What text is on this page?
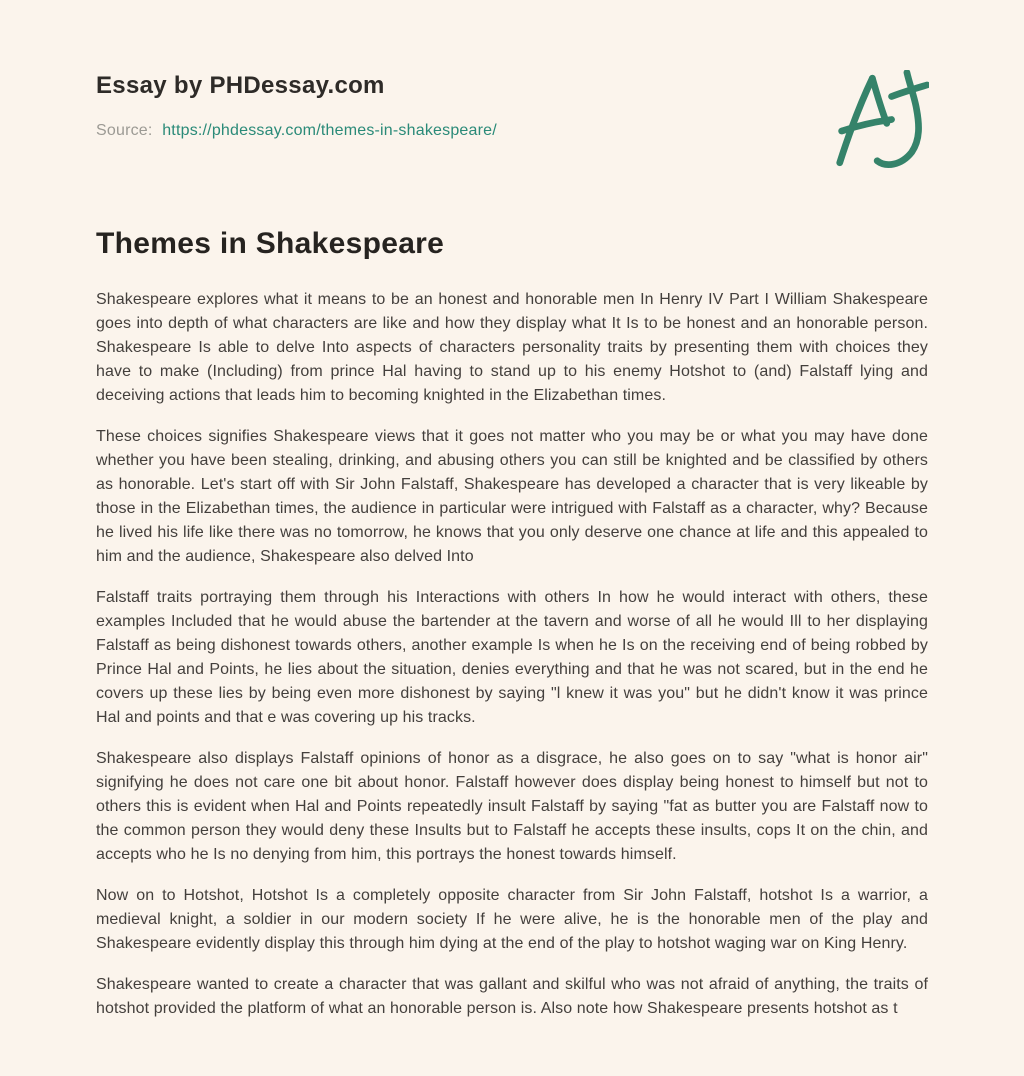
Essay by PHDessay.com

Source: https://phdessay.com/themes-in-shakespeare/

Themes in Shakespeare

Shakespeare explores what it means to be an honest and honorable men In Henry IV Part I William Shakespeare goes into depth of what characters are like and how they display what It Is to be honest and an honorable person. Shakespeare Is able to delve Into aspects of characters personality traits by presenting them with choices they have to make (Including) from prince Hal having to stand up to his enemy Hotshot to (and) Falstaff lying and deceiving actions that leads him to becoming knighted in the Elizabethan times.

These choices signifies Shakespeare views that it goes not matter who you may be or what you may have done whether you have been stealing, drinking, and abusing others you can still be knighted and be classified by others as honorable. Let's start off with Sir John Falstaff, Shakespeare has developed a character that is very likeable by those in the Elizabethan times, the audience in particular were intrigued with Falstaff as a character, why? Because he lived his life like there was no tomorrow, he knows that you only deserve one chance at life and this appealed to him and the audience, Shakespeare also delved Into

Falstaff traits portraying them through his Interactions with others In how he would interact with others, these examples Included that he would abuse the bartender at the tavern and worse of all he would Ill to her displaying Falstaff as being dishonest towards others, another example Is when he Is on the receiving end of being robbed by Prince Hal and Points, he lies about the situation, denies everything and that he was not scared, but in the end he covers up these lies by being even more dishonest by saying "l knew it was you" but he didn't know it was prince Hal and points and that e was covering up his tracks.

Shakespeare also displays Falstaff opinions of honor as a disgrace, he also goes on to say "what is honor air" signifying he does not care one bit about honor. Falstaff however does display being honest to himself but not to others this is evident when Hal and Points repeatedly insult Falstaff by saying "fat as butter you are Falstaff now to the common person they would deny these Insults but to Falstaff he accepts these insults, cops It on the chin, and accepts who he Is no denying from him, this portrays the honest towards himself.

Now on to Hotshot, Hotshot Is a completely opposite character from Sir John Falstaff, hotshot Is a warrior, a medieval knight, a soldier in our modern society If he were alive, he is the honorable men of the play and Shakespeare evidently display this through him dying at the end of the play to hotshot waging war on King Henry.

Shakespeare wanted to create a character that was gallant and skilful who was not afraid of anything, the traits of hotshot provided the platform of what an honorable person is. Also note how Shakespeare presents hotshot as t
